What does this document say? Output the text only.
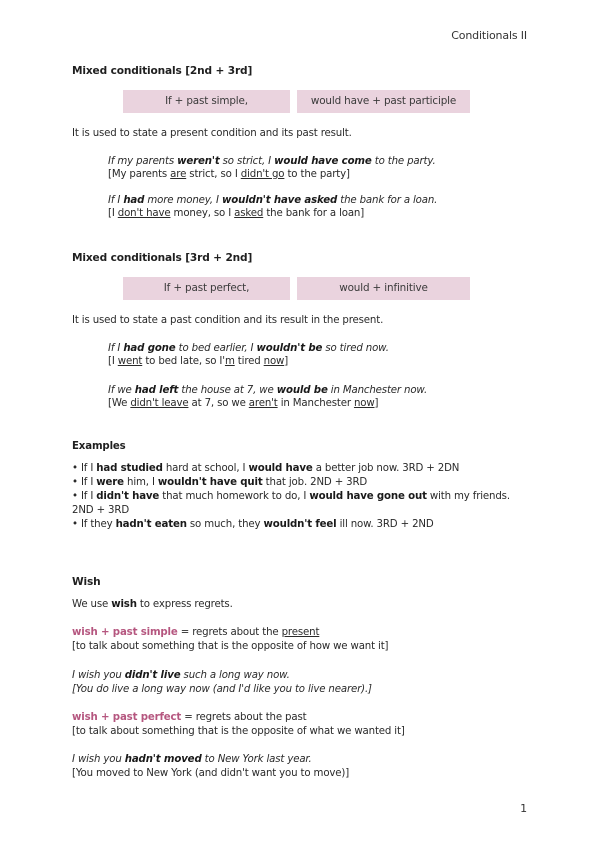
Conditionals II
Mixed conditionals [2nd + 3rd]
If + past simple,	would have + past participle
It is used to state a present condition and its past result.
If my parents weren't so strict, I would have come to the party.
[My parents are strict, so I didn't go to the party]
If I had more money, I wouldn't have asked the bank for a loan.
[I don't have money, so I asked the bank for a loan]
Mixed conditionals [3rd + 2nd]
If + past perfect,	would + infinitive
It is used to state a past condition and its result in the present.
If I had gone to bed earlier, I wouldn't be so tired now.
[I went to bed late, so I'm tired now]
If we had left the house at 7, we would be in Manchester now.
[We didn't leave at 7, so we aren't in Manchester now]
Examples
• If I had studied hard at school, I would have a better job now. 3RD + 2DN
• If I were him, I wouldn't have quit that job. 2ND + 3RD
• If I didn't have that much homework to do, I would have gone out with my friends.
2ND + 3RD
• If they hadn't eaten so much, they wouldn't feel ill now. 3RD + 2ND
Wish
We use wish to express regrets.
wish + past simple = regrets about the present
[to talk about something that is the opposite of how we want it]
I wish you didn't live such a long way now.
[You do live a long way now (and I'd like you to live nearer).]
wish + past perfect = regrets about the past
[to talk about something that is the opposite of what we wanted it]
I wish you hadn't moved to New York last year.
[You moved to New York (and didn't want you to move)]
1
